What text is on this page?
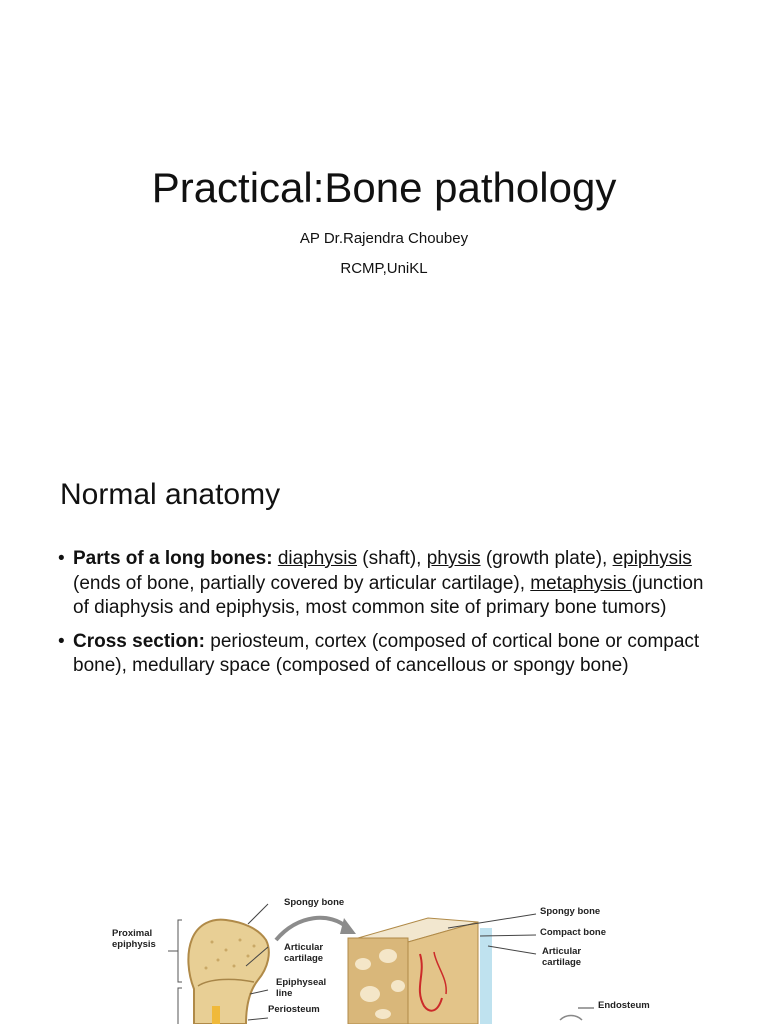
Practical:Bone pathology
AP Dr.Rajendra Choubey
RCMP,UniKL
Normal anatomy
• Parts of a long bones: diaphysis (shaft), physis (growth plate), epiphysis (ends of bone, partially covered by articular cartilage), metaphysis (junction of diaphysis and epiphysis, most common site of primary bone tumors)
• Cross section: periosteum, cortex (composed of cortical bone or compact bone), medullary space (composed of cancellous or spongy bone)
Proximal
epiphysis
Spongy bone
Articular
cartilage
Epiphyseal
line
Periosteum
Spongy bone
Compact bone
Articular
cartilage
Endosteum
